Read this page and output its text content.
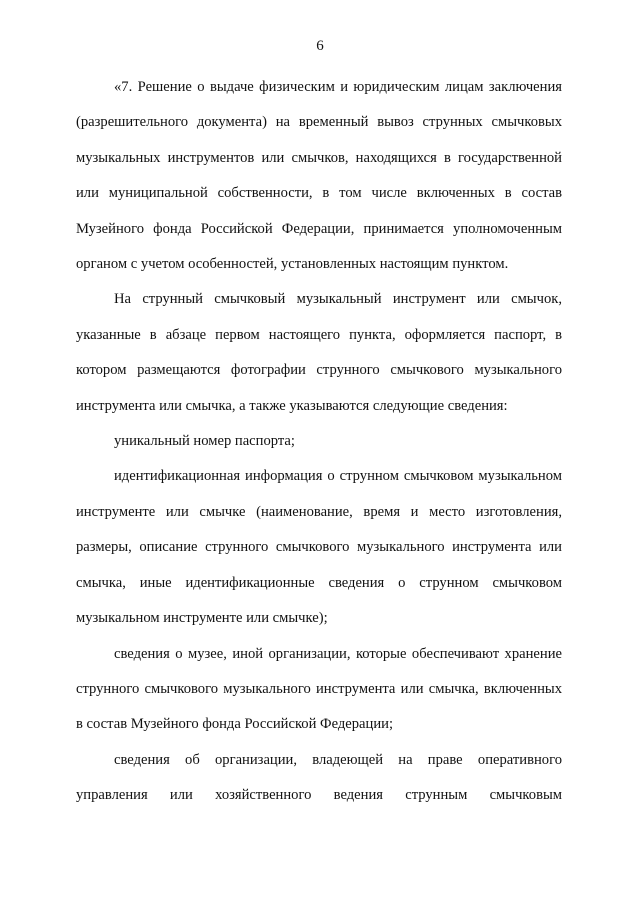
6

«7. Решение о выдаче физическим и юридическим лицам заключения (разрешительного документа) на временный вывоз струнных смычковых музыкальных инструментов или смычков, находящихся в государственной или муниципальной собственности, в том числе включенных в состав Музейного фонда Российской Федерации, принимается уполномоченным органом с учетом особенностей, установленных настоящим пунктом.

На струнный смычковый музыкальный инструмент или смычок, указанные в абзаце первом настоящего пункта, оформляется паспорт, в котором размещаются фотографии струнного смычкового музыкального инструмента или смычка, а также указываются следующие сведения:

уникальный номер паспорта;

идентификационная информация о струнном смычковом музыкальном инструменте или смычке (наименование, время и место изготовления, размеры, описание струнного смычкового музыкального инструмента или смычка, иные идентификационные сведения о струнном смычковом музыкальном инструменте или смычке);

сведения о музее, иной организации, которые обеспечивают хранение струнного смычкового музыкального инструмента или смычка, включенных в состав Музейного фонда Российской Федерации;

сведения об организации, владеющей на праве оперативного управления или хозяйственного ведения струнным смычковым
